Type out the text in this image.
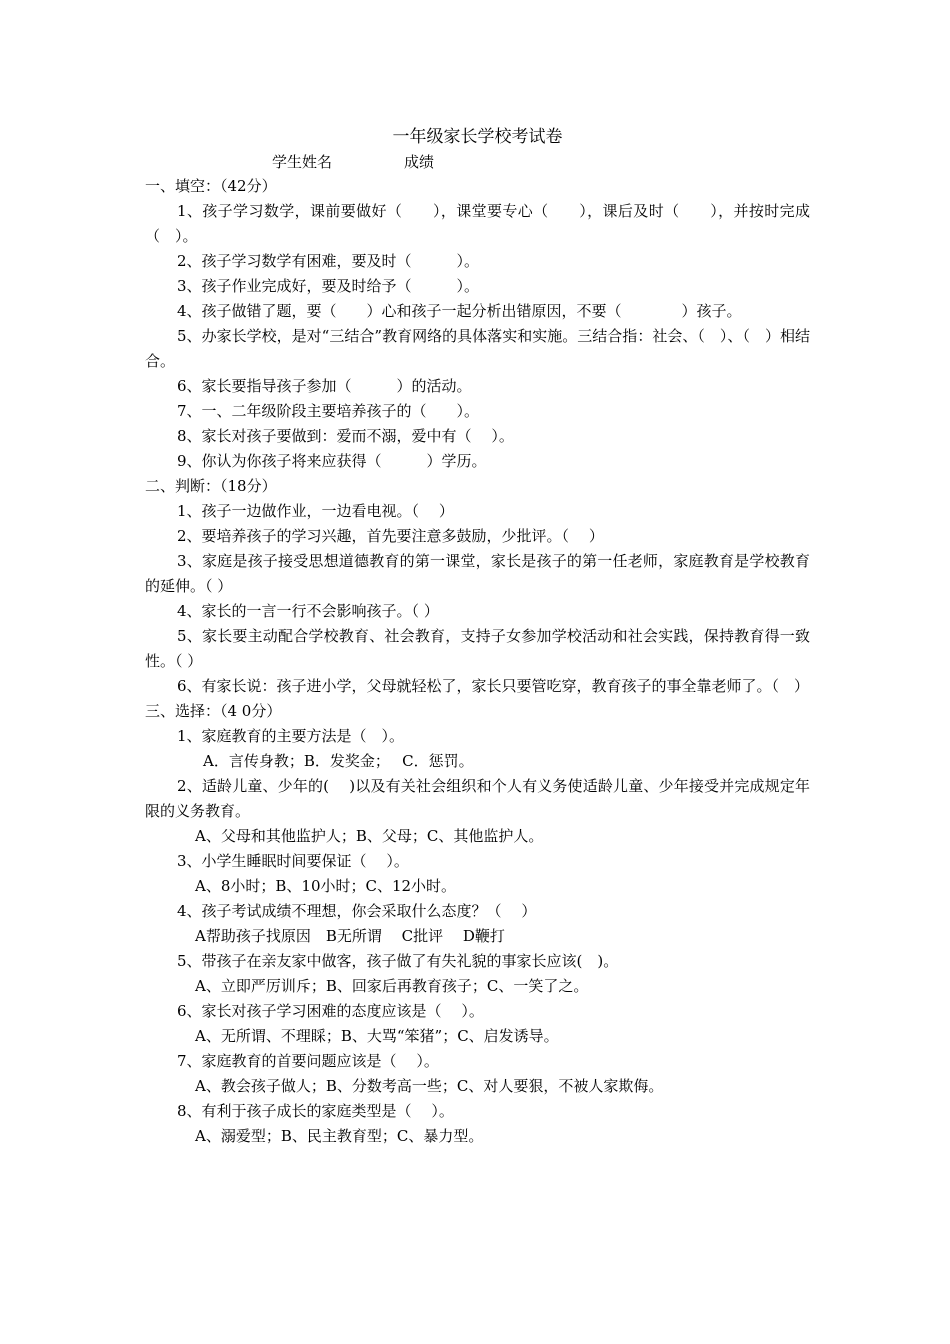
一年级家长学校考试卷

学生姓名	成绩

一、填空：（42分）

1、孩子学习数学，课前要做好（　　），课堂要专心（　　），课后及时（　　），并按时完成（　）。

2、孩子学习数学有困难，要及时（　　　）。

3、孩子作业完成好，要及时给予（　　　）。

4、孩子做错了题，要（　　）心和孩子一起分析出错原因，不要（　　　　）孩子。

5、办家长学校，是对“三结合”教育网络的具体落实和实施。三结合指：社会、（　）、（　）相结合。

6、家长要指导孩子参加（　　　）的活动。

7、一、二年级阶段主要培养孩子的（　　）。

8、家长对孩子要做到：爱而不溺，爱中有（　 ）。

9、你认为你孩子将来应获得（　　　）学历。

二、判断：（18分）

1、孩子一边做作业，一边看电视。（　 ）

2、要培养孩子的学习兴趣，首先要注意多鼓励，少批评。（　 ）

3、家庭是孩子接受思想道德教育的第一课堂，家长是孩子的第一任老师，家庭教育是学校教育的延伸。（ ）

4、家长的一言一行不会影响孩子。（ ）

5、家长要主动配合学校教育、社会教育，支持子女参加学校活动和社会实践，保持教育得一致性。（ ）

6、有家长说：孩子进小学，父母就轻松了，家长只要管吃穿，教育孩子的事全靠老师了。（　）

三、选择：（4 0分）

1、家庭教育的主要方法是（　）。

A．言传身教；B．发奖金；　 C．惩罚。

2、适龄儿童、少年的(　 )以及有关社会组织和个人有义务使适龄儿童、少年接受并完成规定年限的义务教育。

A、父母和其他监护人；B、父母；C、其他监护人。

3、小学生睡眠时间要保证（　 ）。

A、8小时；B、10小时；C、12小时。

4、孩子考试成绩不理想，你会采取什么态度？（　 ）

A帮助孩子找原因　B无所谓　 C批评　 D鞭打

5、带孩子在亲友家中做客，孩子做了有失礼貌的事家长应该(　)。

A、立即严厉训斥；B、回家后再教育孩子；C、一笑了之。

6、家长对孩子学习困难的态度应该是（　 ）。

A、无所谓、不理睬；B、大骂“笨猪”；C、启发诱导。

7、家庭教育的首要问题应该是（　 ）。

A、教会孩子做人；B、分数考高一些；C、对人要狠，不被人家欺侮。

8、有利于孩子成长的家庭类型是（　 ）。

A、溺爱型；B、民主教育型；C、暴力型。
